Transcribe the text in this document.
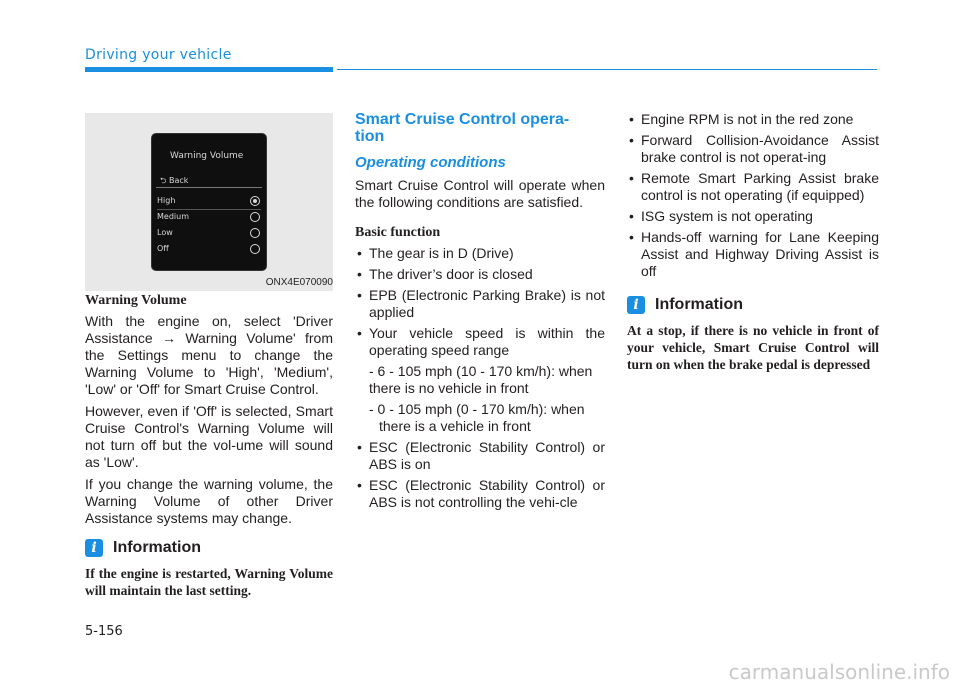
Driving your vehicle
Warning Volume
⮌ Back
High
Medium
Low
Off
ONX4E070090
Warning Volume

With the engine on, select 'Driver Assistance → Warning Volume' from the Settings menu to change the Warning Volume to 'High', 'Medium', 'Low' or 'Off' for Smart Cruise Control.

However, even if 'Off' is selected, Smart Cruise Control's Warning Volume will not turn off but the vol-ume will sound as 'Low'.

If you change the warning volume, the Warning Volume of other Driver Assistance systems may change.

i	Information

If the engine is restarted, Warning Volume will maintain the last setting.

Smart Cruise Control opera-tion
Operating conditions

Smart Cruise Control will operate when the following conditions are satisfied.

Basic function
• The gear is in D (Drive)
• The driver’s door is closed
• EPB (Electronic Parking Brake) is not applied
• Your vehicle speed is within the operating speed range

- 6 - 105 mph (10 - 170 km/h): when there is no vehicle in front

- 0 - 105 mph (0 - 170 km/h): when there is a vehicle in front

• ESC (Electronic Stability Control) or ABS is on
• ESC (Electronic Stability Control) or ABS is not controlling the vehi-cle
• Engine RPM is not in the red zone
• Forward Collision-Avoidance Assist brake control is not operat-ing
• Remote Smart Parking Assist brake control is not operating (if equipped)
• ISG system is not operating
• Hands-off warning for Lane Keeping Assist and Highway Driving Assist is off
i	Information

At a stop, if there is no vehicle in front of your vehicle, Smart Cruise Control will turn on when the brake pedal is depressed

5-156
carmanualsonline.info
